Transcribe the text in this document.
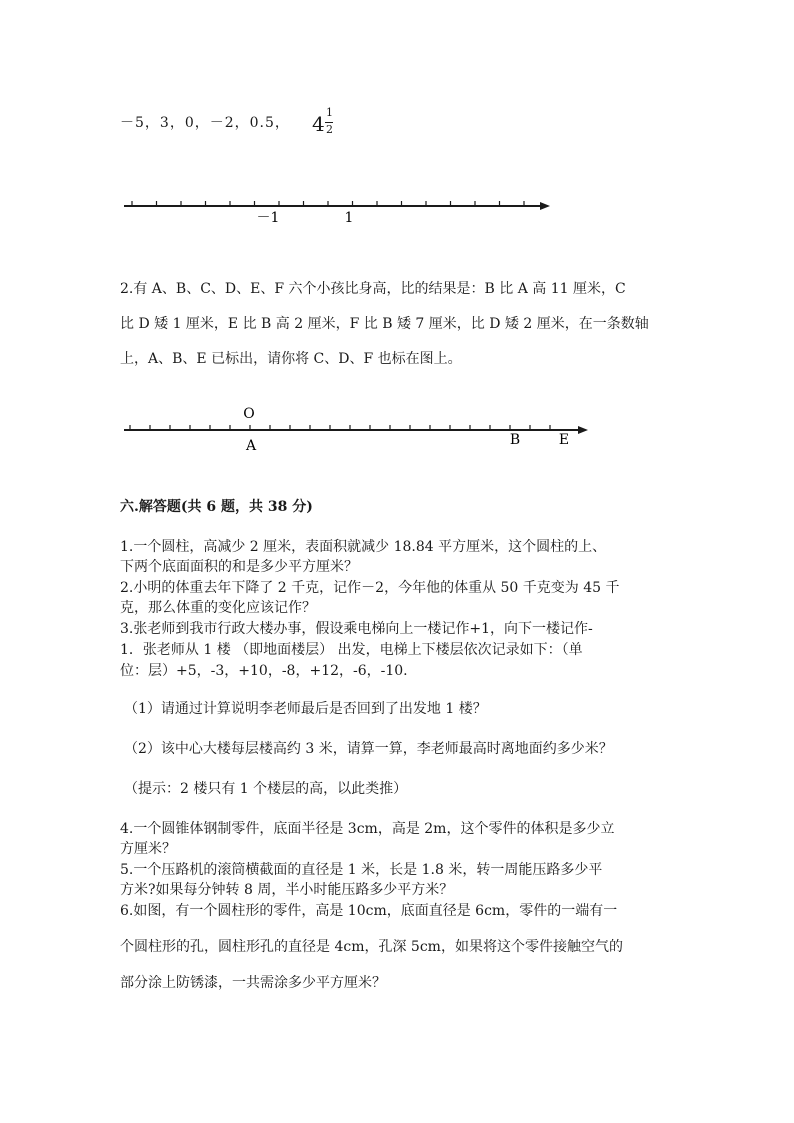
－5，3，0，－2，0.5， 4 1
2
－1	1
O
A	B	E
2.有 A、B、C、D、E、F 六个小孩比身高，比的结果是：B 比 A 高 11 厘米，C
比 D 矮 1 厘米，E 比 B 高 2 厘米，F 比 B 矮 7 厘米，比 D 矮 2 厘米，在一条数轴
上，A、B、E 已标出，请你将 C、D、F 也标在图上。
六.解答题(共 6 题，共 38 分)
1.一个圆柱，高减少 2 厘米，表面积就减少 18.84 平方厘米，这个圆柱的上、
下两个底面面积的和是多少平方厘米？
2.小明的体重去年下降了 2 千克，记作－2，今年他的体重从 50 千克变为 45 千
克，那么体重的变化应该记作？
3.张老师到我市行政大楼办事，假设乘电梯向上一楼记作+1，向下一楼记作-
1．张老师从 1 楼 （即地面楼层） 出发，电梯上下楼层依次记录如下：（单
位：层）+5，-3，+10，-8，+12，-6，-10.
（1）请通过计算说明李老师最后是否回到了出发地 1 楼？
（2）该中心大楼每层楼高约 3 米，请算一算，李老师最高时离地面约多少米？
（提示：2 楼只有 1 个楼层的高，以此类推）
4.一个圆锥体钢制零件，底面半径是 3cm，高是 2m，这个零件的体积是多少立
方厘米？
5.一个压路机的滚筒横截面的直径是 1 米，长是 1.8 米，转一周能压路多少平
方米?如果每分钟转 8 周，半小时能压路多少平方米？
6.如图，有一个圆柱形的零件，高是 10cm，底面直径是 6cm，零件的一端有一
个圆柱形的孔，圆柱形孔的直径是 4cm，孔深 5cm，如果将这个零件接触空气的
部分涂上防锈漆，一共需涂多少平方厘米？
